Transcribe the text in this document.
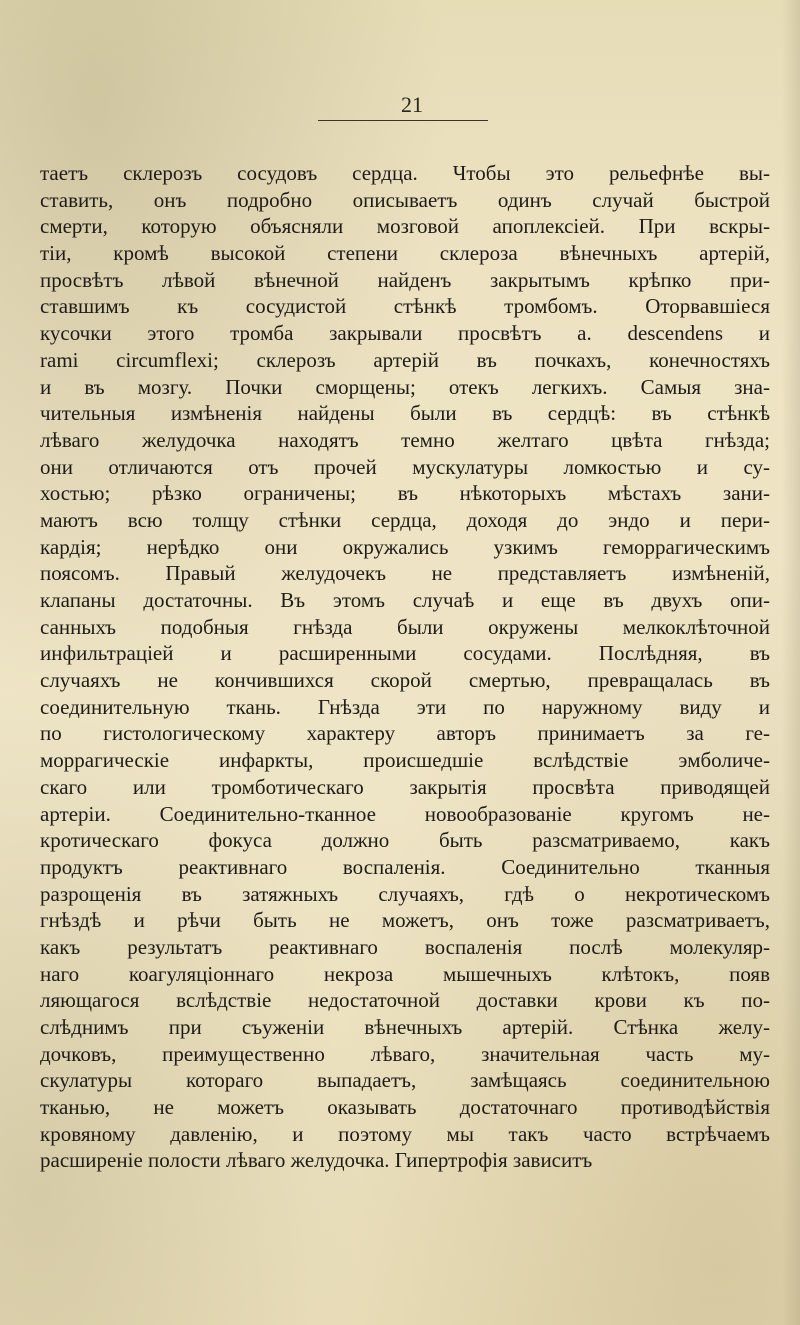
21
таетъ склерозъ сосудовъ сердца. Чтобы это рельефнѣе вы-
ставить, онъ подробно описываетъ одинъ случай быстрой
смерти, которую объясняли мозговой апоплексіей. При вскры-
тіи, кромѣ высокой степени склероза вѣнечныхъ артерій,
просвѣтъ лѣвой вѣнечной найденъ закрытымъ крѣпко при-
ставшимъ къ сосудистой стѣнкѣ тромбомъ. Оторвавшіеся
кусочки этого тромба закрывали просвѣтъ а. descendens и
rami circumflexi; склерозъ артерій въ почкахъ, конечностяхъ
и въ мозгу. Почки сморщены; отекъ легкихъ. Самыя зна-
чительныя измѣненія найдены были въ сердцѣ: въ стѣнкѣ
лѣваго желудочка находятъ темно желтаго цвѣта гнѣзда;
они отличаются отъ прочей мускулатуры ломкостью и су-
хостью; рѣзко ограничены; въ нѣкоторыхъ мѣстахъ зани-
маютъ всю толщу стѣнки сердца, доходя до эндо и пери-
кардія; нерѣдко они окружались узкимъ геморрагическимъ
поясомъ. Правый желудочекъ не представляетъ измѣненій,
клапаны достаточны. Въ этомъ случаѣ и еще въ двухъ опи-
санныхъ подобныя гнѣзда были окружены мелкоклѣточной
инфильтраціей и расширенными сосудами. Послѣдняя, въ
случаяхъ не кончившихся скорой смертью, превращалась въ
соединительную ткань. Гнѣзда эти по наружному виду и
по гистологическому характеру авторъ принимаетъ за ге-
моррагическіе инфаркты, происшедшіе вслѣдствіе эмболиче-
скаго или тромботическаго закрытія просвѣта приводящей
артеріи. Соединительно-тканное новообразованіе кругомъ не-
кротическаго фокуса должно быть разсматриваемо, какъ
продуктъ реактивнаго воспаленія. Соединительно тканныя
разрощенія въ затяжныхъ случаяхъ, гдѣ о некротическомъ
гнѣздѣ и рѣчи быть не можетъ, онъ тоже разсматриваетъ,
какъ результатъ реактивнаго воспаленія послѣ молекуляр-
наго коагуляціоннаго некроза мышечныхъ клѣтокъ, появ
ляющагося вслѣдствіе недостаточной доставки крови къ по-
слѣднимъ при съуженіи вѣнечныхъ артерій. Стѣнка желу-
дочковъ, преимущественно лѣваго, значительная часть му-
скулатуры котораго выпадаетъ, замѣщаясь соединительною
тканью, не можетъ оказывать достаточнаго противодѣйствія
кровяному давленію, и поэтому мы такъ часто встрѣчаемъ
расширеніе полости лѣваго желудочка. Гипертрофія зависитъ
